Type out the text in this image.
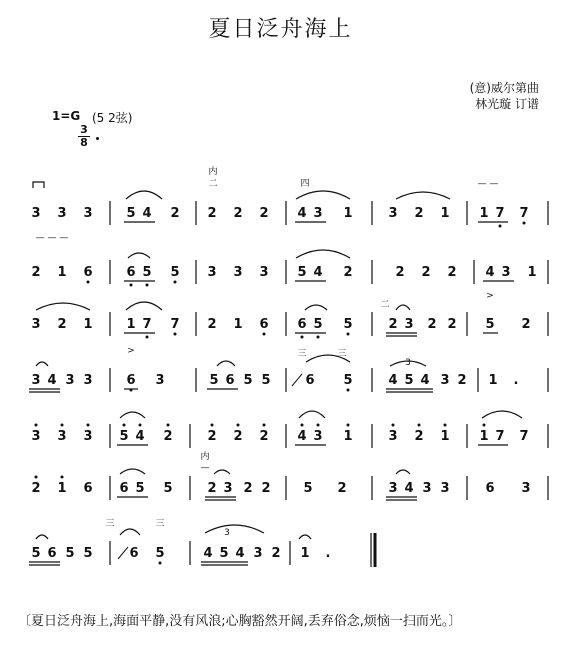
夏日泛舟海上
(意)威尔第曲
林光璇 订谱
1=G (5 2弦)
$\frac{3}{8}$
3 3 3	5 4 2 2 2 2
内
二
4 3 1
四
3 2 1 1 7 7
— —
— — —
2 1 6	6 5 5 3 3 3 5 4 2	2 2 2 4 3 1
3 2 1	1 7 7 2 1 6 6 5 5	2 3 2 2
二
5 2
>
3 4 3 3	6 3
>
5 6 5 5	6 5
三	三
4 5 4 3 2
3
1 .
3 3 3 5 4 2	2 2 2 4 3 1	3 2 1 1 7 7
2 1 6 6 5 5
内
—
2 3 2 2	5 2	3 4 3 3	6 3
5 6 5 5	6 5
三	三
4 5 4 3 2
3
1 .
〔夏日泛舟海上,海面平静,没有风浪;心胸豁然开阔,丢弃俗念,烦恼一扫而光。〕
